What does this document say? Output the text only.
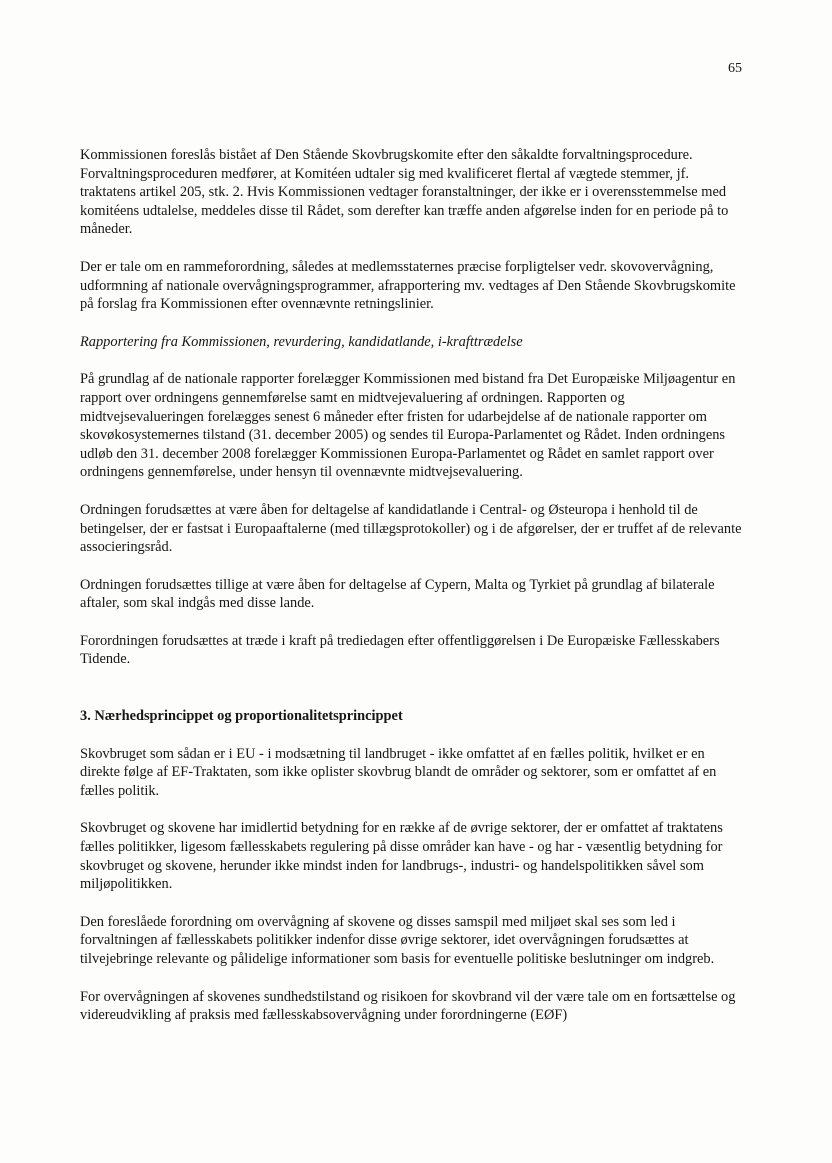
65

Kommissionen foreslås bistået af Den Stående Skovbrugskomite efter den såkaldte forvaltningsprocedure. Forvaltningsproceduren medfører, at Komitéen udtaler sig med kvalificeret flertal af vægtede stemmer, jf. traktatens artikel 205, stk. 2. Hvis Kommissionen vedtager foranstaltninger, der ikke er i overensstemmelse med komitéens udtalelse, meddeles disse til Rådet, som derefter kan træffe anden afgørelse inden for en periode på to måneder.

Der er tale om en rammeforordning, således at medlemsstaternes præcise forpligtelser vedr. skovovervågning, udformning af nationale overvågningsprogrammer, afrapportering mv. vedtages af Den Stående Skovbrugskomite på forslag fra Kommissionen efter ovennævnte retningslinier.

Rapportering fra Kommissionen, revurdering, kandidatlande, i-krafttrædelse

På grundlag af de nationale rapporter forelægger Kommissionen med bistand fra Det Europæiske Miljøagentur en rapport over ordningens gennemførelse samt en midtvejevaluering af ordningen. Rapporten og midtvejsevalueringen forelægges senest 6 måneder efter fristen for udarbejdelse af de nationale rapporter om skovøkosystemernes tilstand (31. december 2005) og sendes til Europa-Parlamentet og Rådet. Inden ordningens udløb den 31. december 2008 forelægger Kommissionen Europa-Parlamentet og Rådet en samlet rapport over ordningens gennemførelse, under hensyn til ovennævnte midtvejsevaluering.

Ordningen forudsættes at være åben for deltagelse af kandidatlande i Central- og Østeuropa i henhold til de betingelser, der er fastsat i Europaaftalerne (med tillægsprotokoller) og i de afgørelser, der er truffet af de relevante associeringsråd.

Ordningen forudsættes tillige at være åben for deltagelse af Cypern, Malta og Tyrkiet på grundlag af bilaterale aftaler, som skal indgås med disse lande.

Forordningen forudsættes at træde i kraft på trediedagen efter offentliggørelsen i De Europæiske Fællesskabers Tidende.

3. Nærhedsprincippet og proportionalitetsprincippet

Skovbruget som sådan er i EU - i modsætning til landbruget - ikke omfattet af en fælles politik, hvilket er en direkte følge af EF-Traktaten, som ikke oplister skovbrug blandt de områder og sektorer, som er omfattet af en fælles politik.

Skovbruget og skovene har imidlertid betydning for en række af de øvrige sektorer, der er omfattet af traktatens fælles politikker, ligesom fællesskabets regulering på disse områder kan have - og har - væsentlig betydning for skovbruget og skovene, herunder ikke mindst inden for landbrugs-, industri- og handelspolitikken såvel som miljøpolitikken.

Den foreslåede forordning om overvågning af skovene og disses samspil med miljøet skal ses som led i forvaltningen af fællesskabets politikker indenfor disse øvrige sektorer, idet overvågningen forudsættes at tilvejebringe relevante og pålidelige informationer som basis for eventuelle politiske beslutninger om indgreb.

For overvågningen af skovenes sundhedstilstand og risikoen for skovbrand vil der være tale om en fortsættelse og videreudvikling af praksis med fællesskabsovervågning under forordningerne (EØF)
